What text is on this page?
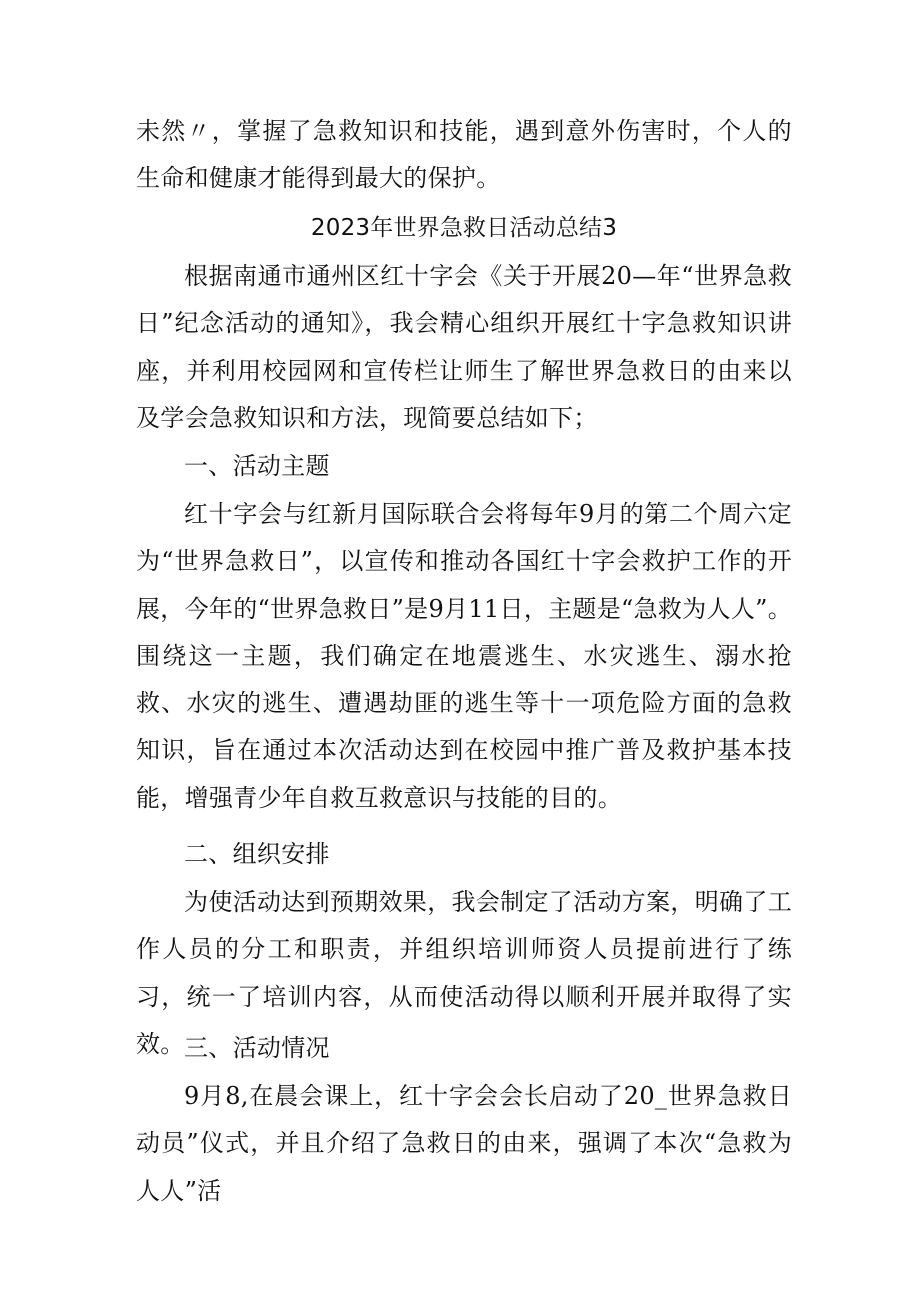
未然〃，掌握了急救知识和技能，遇到意外伤害时，个人的生命和健康才能得到最大的保护。

2023年世界急救日活动总结3

根据南通市通州区红十字会《关于开展20—年“世界急救日”纪念活动的通知》，我会精心组织开展红十字急救知识讲座，并利用校园网和宣传栏让师生了解世界急救日的由来以及学会急救知识和方法，现简要总结如下；

一、活动主题

红十字会与红新月国际联合会将每年9月的第二个周六定为“世界急救日”，以宣传和推动各国红十字会救护工作的开展，今年的“世界急救日”是9月11日，主题是“急救为人人”。围绕这一主题，我们确定在地震逃生、水灾逃生、溺水抢救、水灾的逃生、遭遇劫匪的逃生等十一项危险方面的急救知识，旨在通过本次活动达到在校园中推广普及救护基本技能，增强青少年自救互救意识与技能的目的。

二、组织安排

为使活动达到预期效果，我会制定了活动方案，明确了工作人员的分工和职责，并组织培训师资人员提前进行了练习，统一了培训内容，从而使活动得以顺利开展并取得了实效。 三、活动情况

9月8,在晨会课上，红十字会会长启动了20_世界急救日动员”仪式，并且介绍了急救日的由来，强调了本次“急救为人人”活
